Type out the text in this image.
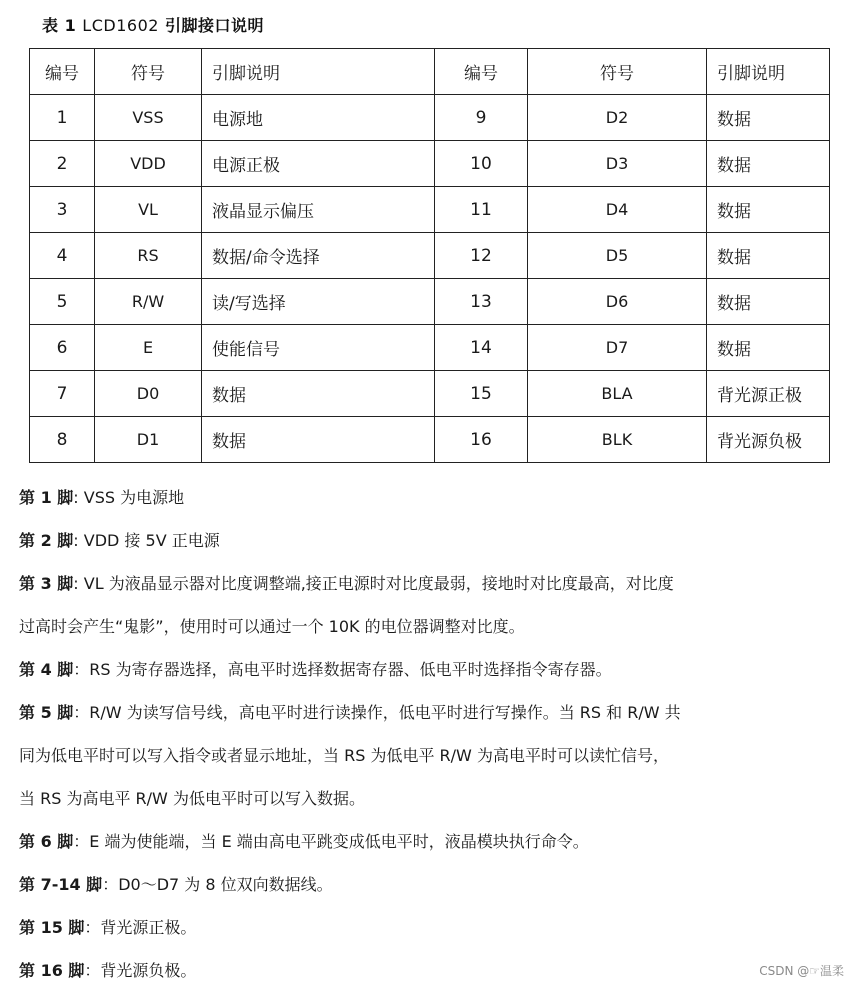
表 1 LCD1602 引脚接口说明
编号	符号	引脚说明	编号	符号	引脚说明
1	VSS	电源地	9	D2	数据
2	VDD	电源正极	10	D3	数据
3	VL	液晶显示偏压	11	D4	数据
4	RS	数据/命令选择	12	D5	数据
5	R/W	读/写选择	13	D6	数据
6	E	使能信号	14	D7	数据
7	D0	数据	15	BLA	背光源正极
8	D1	数据	16	BLK	背光源负极
第 1 脚: VSS 为电源地
第 2 脚: VDD 接 5V 正电源
第 3 脚: VL 为液晶显示器对比度调整端,接正电源时对比度最弱，接地时对比度最高，对比度
过高时会产生“鬼影”，使用时可以通过一个 10K 的电位器调整对比度。
第 4 脚：RS 为寄存器选择，高电平时选择数据寄存器、低电平时选择指令寄存器。
第 5 脚：R/W 为读写信号线，高电平时进行读操作，低电平时进行写操作。当 RS 和 R/W 共
同为低电平时可以写入指令或者显示地址，当 RS 为低电平 R/W 为高电平时可以读忙信号，
当 RS 为高电平 R/W 为低电平时可以写入数据。
第 6 脚：E 端为使能端，当 E 端由高电平跳变成低电平时，液晶模块执行命令。
第 7-14 脚：D0～D7 为 8 位双向数据线。
第 15 脚：背光源正极。
第 16 脚：背光源负极。	CSDN @☞温柔
